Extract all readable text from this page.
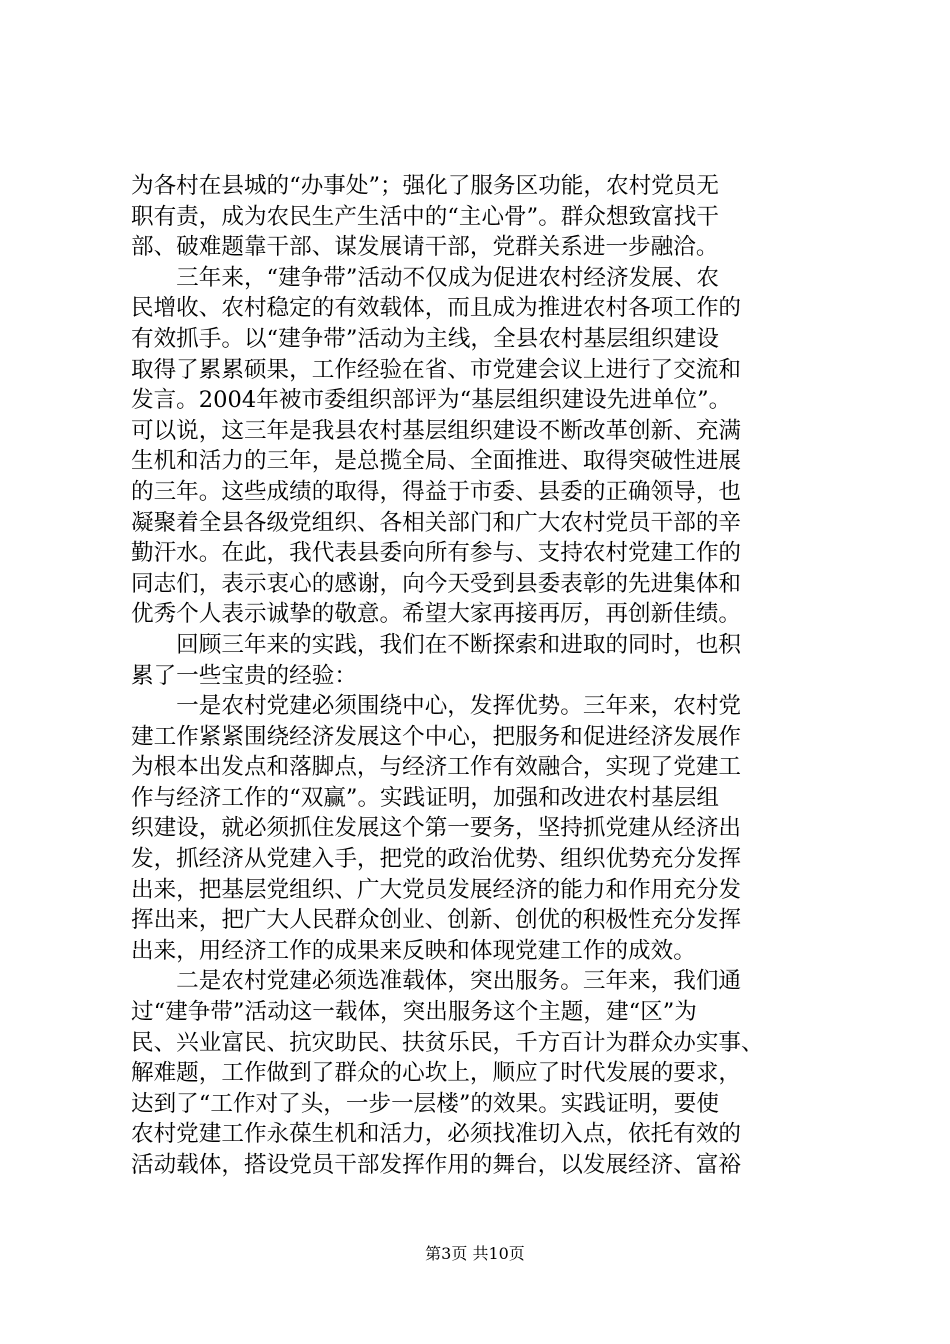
为各村在县城的“办事处”；强化了服务区功能，农村党员无
职有责，成为农民生产生活中的“主心骨”。群众想致富找干
部、破难题靠干部、谋发展请干部，党群关系进一步融洽。
　　三年来，“建争带”活动不仅成为促进农村经济发展、农
民增收、农村稳定的有效载体，而且成为推进农村各项工作的
有效抓手。以“建争带”活动为主线，全县农村基层组织建设
取得了累累硕果，工作经验在省、市党建会议上进行了交流和
发言。2004年被市委组织部评为“基层组织建设先进单位”。
可以说，这三年是我县农村基层组织建设不断改革创新、充满
生机和活力的三年，是总揽全局、全面推进、取得突破性进展
的三年。这些成绩的取得，得益于市委、县委的正确领导，也
凝聚着全县各级党组织、各相关部门和广大农村党员干部的辛
勤汗水。在此，我代表县委向所有参与、支持农村党建工作的
同志们，表示衷心的感谢，向今天受到县委表彰的先进集体和
优秀个人表示诚挚的敬意。希望大家再接再厉，再创新佳绩。
　　回顾三年来的实践，我们在不断探索和进取的同时，也积
累了一些宝贵的经验：
　　一是农村党建必须围绕中心，发挥优势。三年来，农村党
建工作紧紧围绕经济发展这个中心，把服务和促进经济发展作
为根本出发点和落脚点，与经济工作有效融合，实现了党建工
作与经济工作的“双赢”。实践证明，加强和改进农村基层组
织建设，就必须抓住发展这个第一要务，坚持抓党建从经济出
发，抓经济从党建入手，把党的政治优势、组织优势充分发挥
出来，把基层党组织、广大党员发展经济的能力和作用充分发
挥出来，把广大人民群众创业、创新、创优的积极性充分发挥
出来，用经济工作的成果来反映和体现党建工作的成效。
　　二是农村党建必须选准载体，突出服务。三年来，我们通
过“建争带”活动这一载体，突出服务这个主题，建“区”为
民、兴业富民、抗灾助民、扶贫乐民，千方百计为群众办实事、
解难题，工作做到了群众的心坎上，顺应了时代发展的要求，
达到了“工作对了头，一步一层楼”的效果。实践证明，要使
农村党建工作永葆生机和活力，必须找准切入点，依托有效的
活动载体，搭设党员干部发挥作用的舞台，以发展经济、富裕
第3页 共10页
